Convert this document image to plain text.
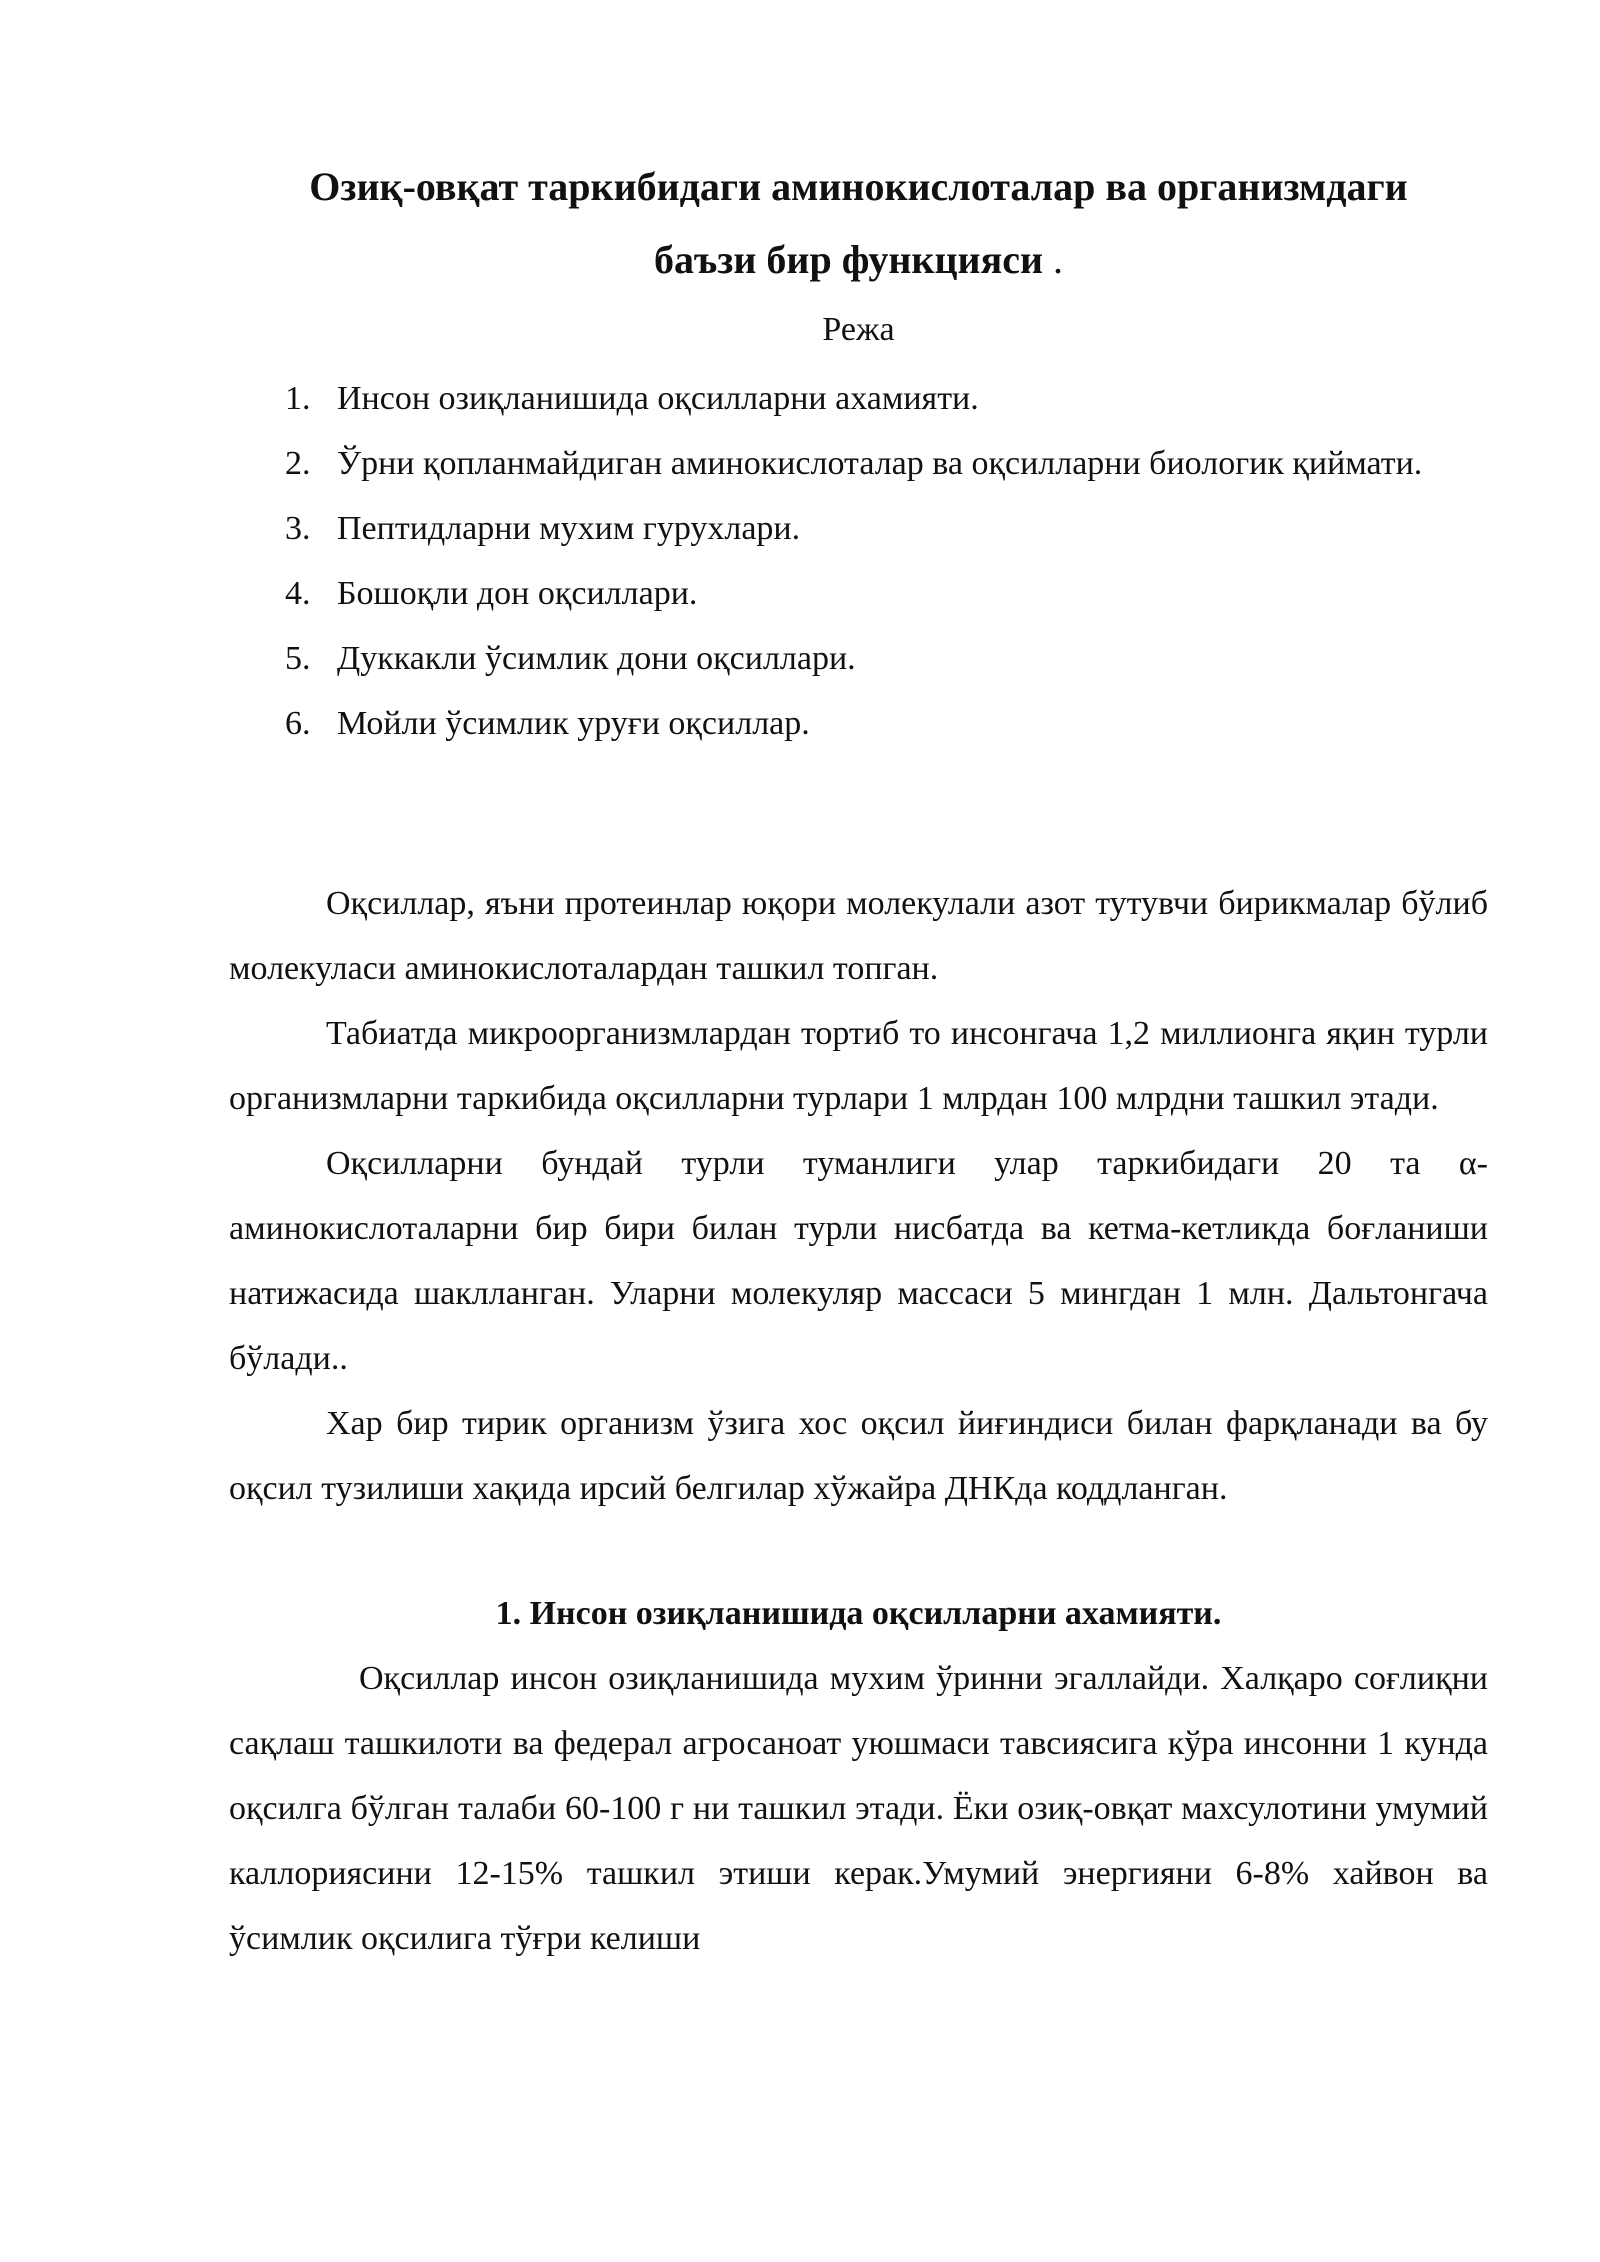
Озиқ-овқат таркибидаги аминокислоталар ва организмдаги
баъзи бир функцияси .
Режа
1. Инсон озиқланишида оқсилларни ахамияти.
2. Ўрни қопланмайдиган аминокислоталар ва оқсилларни биологик қиймати.
3. Пептидларни мухим гурухлари.
4. Бошоқли дон оқсиллари.
5. Дуккакли ўсимлик дони оқсиллари.
6. Мойли ўсимлик уруғи оқсиллар.

Оқсиллар, яъни протеинлар юқори молекулали азот тутувчи бирикмалар бўлиб молекуласи аминокислоталардан ташкил топган.

Табиатда микроорганизмлардан тортиб то инсонгача 1,2 миллионга яқин турли организмларни таркибида оқсилларни турлари 1 млрдан 100 млрдни ташкил этади.

Оқсилларни бундай турли туманлиги улар таркибидаги 20 та α-аминокислоталарни бир бири билан турли нисбатда ва кетма-кетликда боғланиши натижасида шаклланган. Уларни молекуляр массаси 5 мингдан 1 млн. Дальтонгача бўлади..

Хар бир тирик организм ўзига хос оқсил йиғиндиси билан фарқланади ва бу оқсил тузилиши хақида ирсий белгилар хўжайра ДНКда коддланган.

1. Инсон озиқланишида оқсилларни ахамияти.

Оқсиллар инсон озиқланишида мухим ўринни эгаллайди. Халқаро соғлиқни сақлаш ташкилоти ва федерал агросаноат уюшмаси тавсиясига кўра инсонни 1 кунда оқсилга бўлган талаби 60-100 г ни ташкил этади. Ёки озиқ-овқат махсулотини умумий каллориясини 12-15% ташкил этиши керак.Умумий энергияни 6-8% хайвон ва ўсимлик оқсилига тўғри келиши
